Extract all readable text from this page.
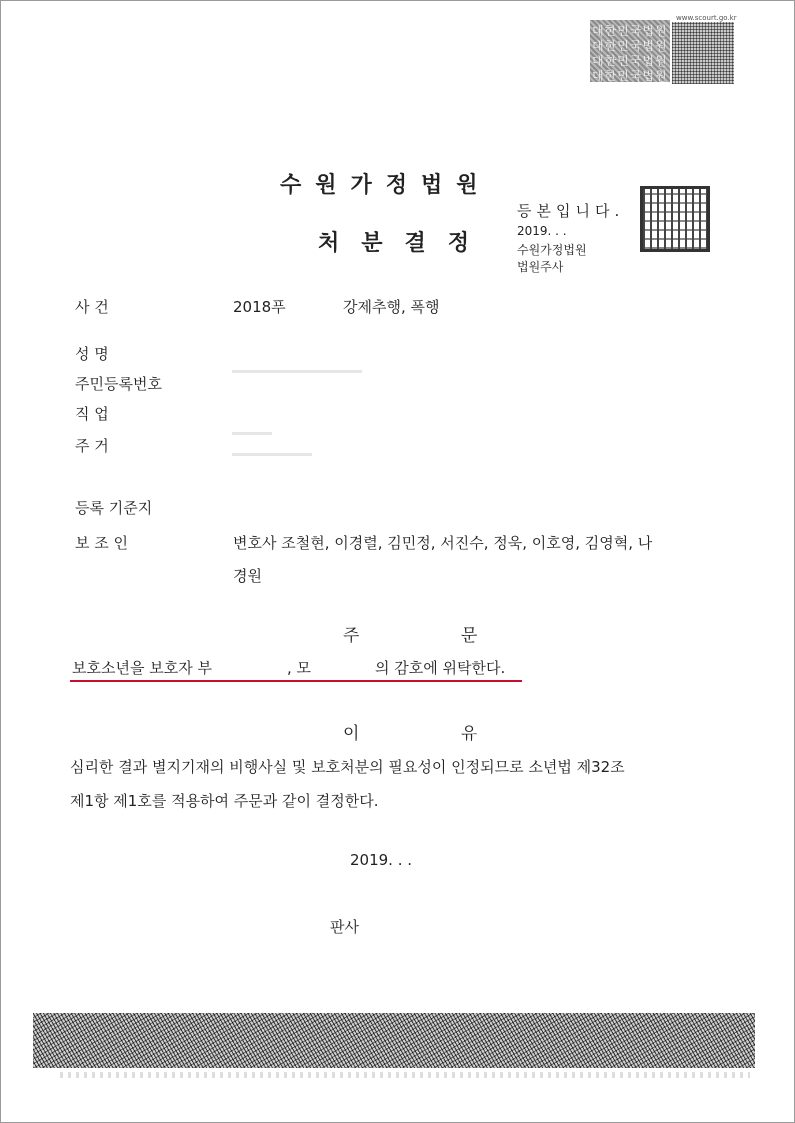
www.scourt.go.kr
대한민국법원
대한민국법원
대한민국법원
대한민국법원
수원가정법원
처분결정
등본입니다.
2019. . .
수원가정법원
법원주사
사 건	2018푸	강제추행, 폭행
성 명
주민등록번호
직 업
주 거
등록 기준지
보 조 인	변호사 조철현, 이경렬, 김민정, 서진수, 정욱, 이호영, 김영혁, 나
경원
주 문
보호소년을 보호자 부	, 모	의 감호에 위탁한다.
이 유
심리한 결과 별지기재의 비행사실 및 보호처분의 필요성이 인정되므로 소년법 제32조
제1항 제1호를 적용하여 주문과 같이 결정한다.
2019. . .
판사
